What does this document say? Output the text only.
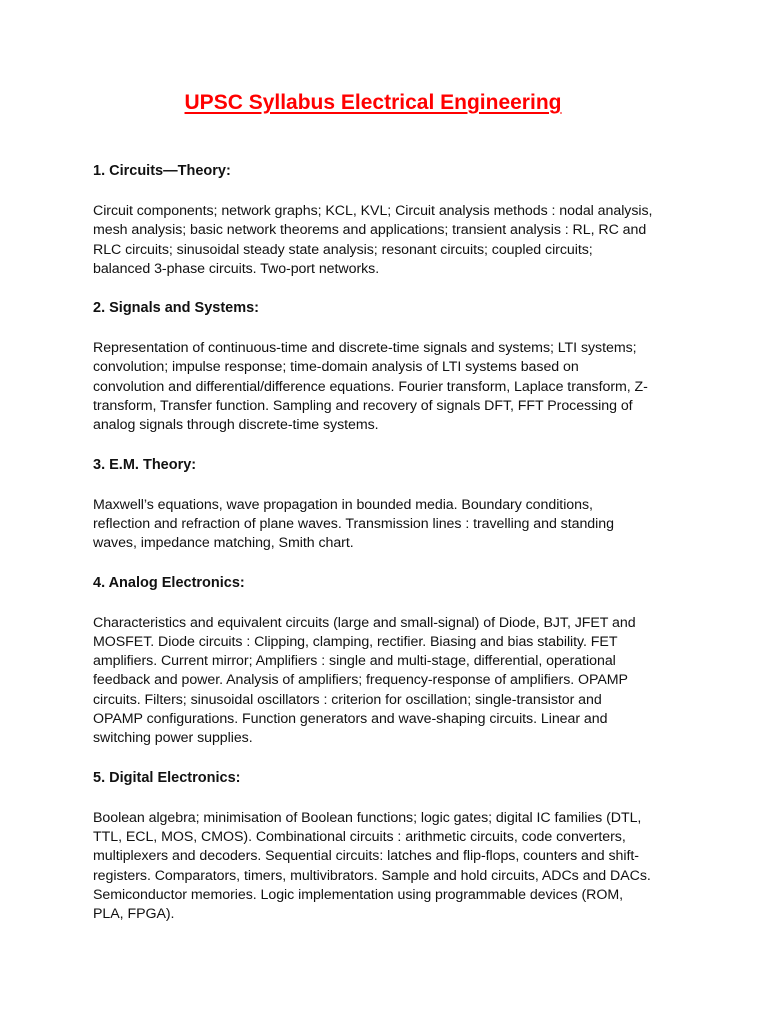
UPSC Syllabus Electrical Engineering

1. Circuits—Theory:

Circuit components; network graphs; KCL, KVL; Circuit analysis methods : nodal analysis, mesh analysis; basic network theorems and applications; transient analysis : RL, RC and RLC circuits; sinusoidal steady state analysis; resonant circuits; coupled circuits; balanced 3-phase circuits. Two-port networks.

2. Signals and Systems:

Representation of continuous-time and discrete-time signals and systems; LTI systems; convolution; impulse response; time-domain analysis of LTI systems based on convolution and differential/difference equations. Fourier transform, Laplace transform, Z-transform, Transfer function. Sampling and recovery of signals DFT, FFT Processing of analog signals through discrete-time systems.

3. E.M. Theory:

Maxwell’s equations, wave propagation in bounded media. Boundary conditions, reflection and refraction of plane waves. Transmission lines : travelling and standing waves, impedance matching, Smith chart.

4. Analog Electronics:

Characteristics and equivalent circuits (large and small-signal) of Diode, BJT, JFET and MOSFET. Diode circuits : Clipping, clamping, rectifier. Biasing and bias stability. FET amplifiers. Current mirror; Amplifiers : single and multi-stage, differential, operational feedback and power. Analysis of amplifiers; frequency-response of amplifiers. OPAMP circuits. Filters; sinusoidal oscillators : criterion for oscillation; single-transistor and OPAMP configurations. Function generators and wave-shaping circuits. Linear and switching power supplies.

5. Digital Electronics:

Boolean algebra; minimisation of Boolean functions; logic gates; digital IC families (DTL, TTL, ECL, MOS, CMOS). Combinational circuits : arithmetic circuits, code converters, multiplexers and decoders. Sequential circuits: latches and flip-flops, counters and shift-registers. Comparators, timers, multivibrators. Sample and hold circuits, ADCs and DACs. Semiconductor memories. Logic implementation using programmable devices (ROM, PLA, FPGA).
